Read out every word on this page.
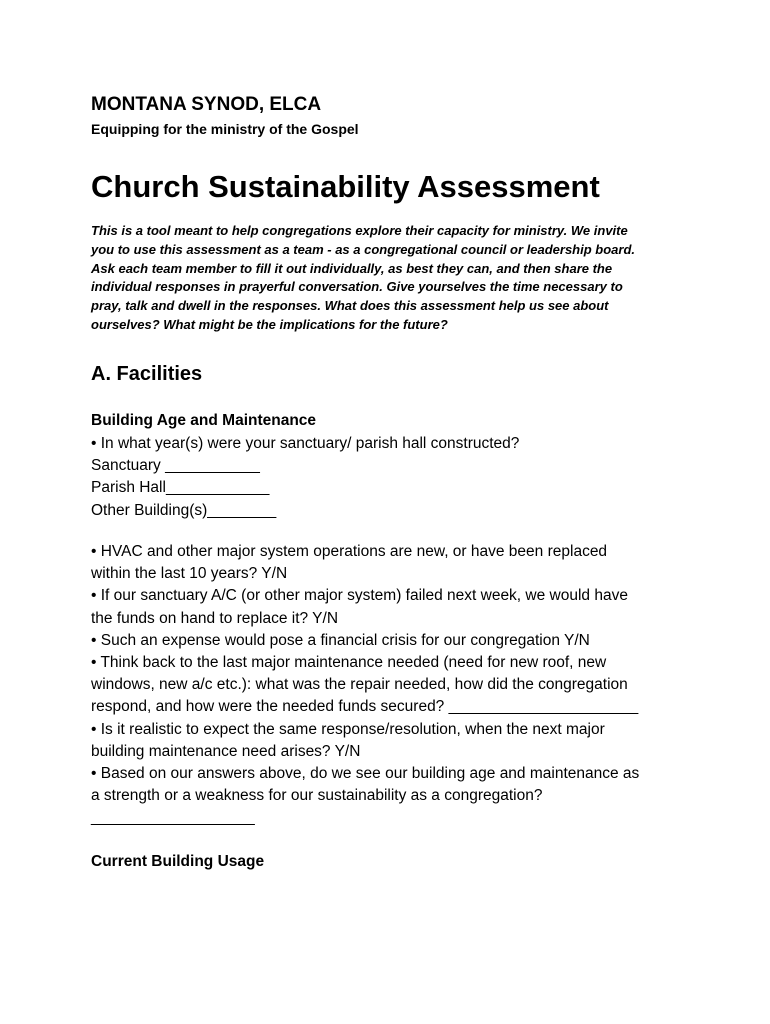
MONTANA SYNOD, ELCA

Equipping for the ministry of the Gospel

Church Sustainability Assessment

This is a tool meant to help congregations explore their capacity for ministry. We invite
you to use this assessment as a team - as a congregational council or leadership board.
Ask each team member to fill it out individually, as best they can, and then share the
individual responses in prayerful conversation. Give yourselves the time necessary to
pray, talk and dwell in the responses. What does this assessment help us see about
ourselves? What might be the implications for the future?

A. Facilities
Building Age and Maintenance
• In what year(s) were your sanctuary/ parish hall constructed?
Sanctuary ___________
Parish Hall____________
Other Building(s)________
• HVAC and other major system operations are new, or have been replaced
within the last 10 years? Y/N
• If our sanctuary A/C (or other major system) failed next week, we would have
the funds on hand to replace it? Y/N
• Such an expense would pose a financial crisis for our congregation Y/N
• Think back to the last major maintenance needed (need for new roof, new
windows, new a/c etc.): what was the repair needed, how did the congregation
respond, and how were the needed funds secured? ______________________
• Is it realistic to expect the same response/resolution, when the next major
building maintenance need arises? Y/N
• Based on our answers above, do we see our building age and maintenance as
a strength or a weakness for our sustainability as a congregation?
___________________
Current Building Usage
